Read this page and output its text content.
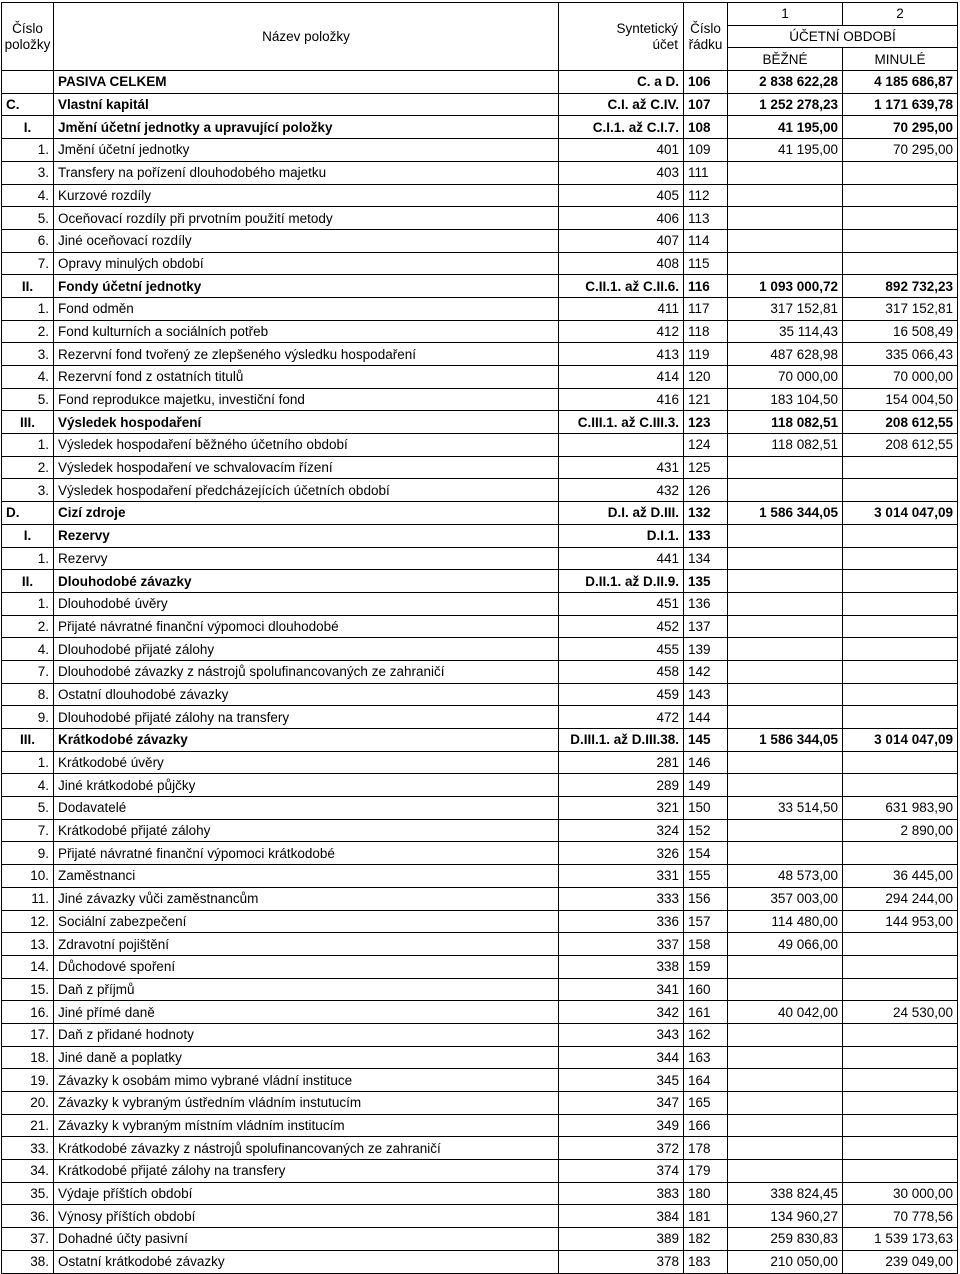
Číslo
položky	Název položky	Syntetický
účet	Číslo
řádku	1	2
				ÚČETNÍ OBDOBÍ	
				BĚŽNÉ	MINULÉ
	PASIVA CELKEM	C. a D.	106	2 838 622,28	4 185 686,87
C.	Vlastní kapitál	C.I. až C.IV.	107	1 252 278,23	1 171 639,78
I.	Jmění účetní jednotky a upravující položky	C.I.1. až C.I.7.	108	41 195,00	70 295,00
1.	Jmění účetní jednotky	401	109	41 195,00	70 295,00
3.	Transfery na pořízení dlouhodobého majetku	403	111		
4.	Kurzové rozdíly	405	112		
5.	Oceňovací rozdíly při prvotním použití metody	406	113		
6.	Jiné oceňovací rozdíly	407	114		
7.	Opravy minulých období	408	115		
II.	Fondy účetní jednotky	C.II.1. až C.II.6.	116	1 093 000,72	892 732,23
1.	Fond odměn	411	117	317 152,81	317 152,81
2.	Fond kulturních a sociálních potřeb	412	118	35 114,43	16 508,49
3.	Rezervní fond tvořený ze zlepšeného výsledku hospodaření	413	119	487 628,98	335 066,43
4.	Rezervní fond z ostatních titulů	414	120	70 000,00	70 000,00
5.	Fond reprodukce majetku, investiční fond	416	121	183 104,50	154 004,50
III.	Výsledek hospodaření	C.III.1. až C.III.3.	123	118 082,51	208 612,55
1.	Výsledek hospodaření běžného účetního období		124	118 082,51	208 612,55
2.	Výsledek hospodaření ve schvalovacím řízení	431	125		
3.	Výsledek hospodaření předcházejících účetních období	432	126		
D.	Cizí zdroje	D.I. až D.III.	132	1 586 344,05	3 014 047,09
I.	Rezervy	D.I.1.	133		
1.	Rezervy	441	134		
II.	Dlouhodobé závazky	D.II.1. až D.II.9.	135		
1.	Dlouhodobé úvěry	451	136		
2.	Přijaté návratné finanční výpomoci dlouhodobé	452	137		
4.	Dlouhodobé přijaté zálohy	455	139		
7.	Dlouhodobé závazky z nástrojů spolufinancovaných ze zahraničí	458	142		
8.	Ostatní dlouhodobé závazky	459	143		
9.	Dlouhodobé přijaté zálohy na transfery	472	144		
III.	Krátkodobé závazky	D.III.1. až D.III.38.	145	1 586 344,05	3 014 047,09
1.	Krátkodobé úvěry	281	146		
4.	Jiné krátkodobé půjčky	289	149		
5.	Dodavatelé	321	150	33 514,50	631 983,90
7.	Krátkodobé přijaté zálohy	324	152		2 890,00
9.	Přijaté návratné finanční výpomoci krátkodobé	326	154		
10.	Zaměstnanci	331	155	48 573,00	36 445,00
11.	Jiné závazky vůči zaměstnancům	333	156	357 003,00	294 244,00
12.	Sociální zabezpečení	336	157	114 480,00	144 953,00
13.	Zdravotní pojištění	337	158	49 066,00	
14.	Důchodové spoření	338	159		
15.	Daň z příjmů	341	160		
16.	Jiné přímé daně	342	161	40 042,00	24 530,00
17.	Daň z přidané hodnoty	343	162		
18.	Jiné daně a poplatky	344	163		
19.	Závazky k osobám mimo vybrané vládní instituce	345	164		
20.	Závazky k vybraným ústředním vládním instutucím	347	165		
21.	Závazky k vybraným místním vládním institucím	349	166		
33.	Krátkodobé závazky z nástrojů spolufinancovaných ze zahraničí	372	178		
34.	Krátkodobé přijaté zálohy na transfery	374	179		
35.	Výdaje příštích období	383	180	338 824,45	30 000,00
36.	Výnosy příštích období	384	181	134 960,27	70 778,56
37.	Dohadné účty pasivní	389	182	259 830,83	1 539 173,63
38.	Ostatní krátkodobé závazky	378	183	210 050,00	239 049,00
